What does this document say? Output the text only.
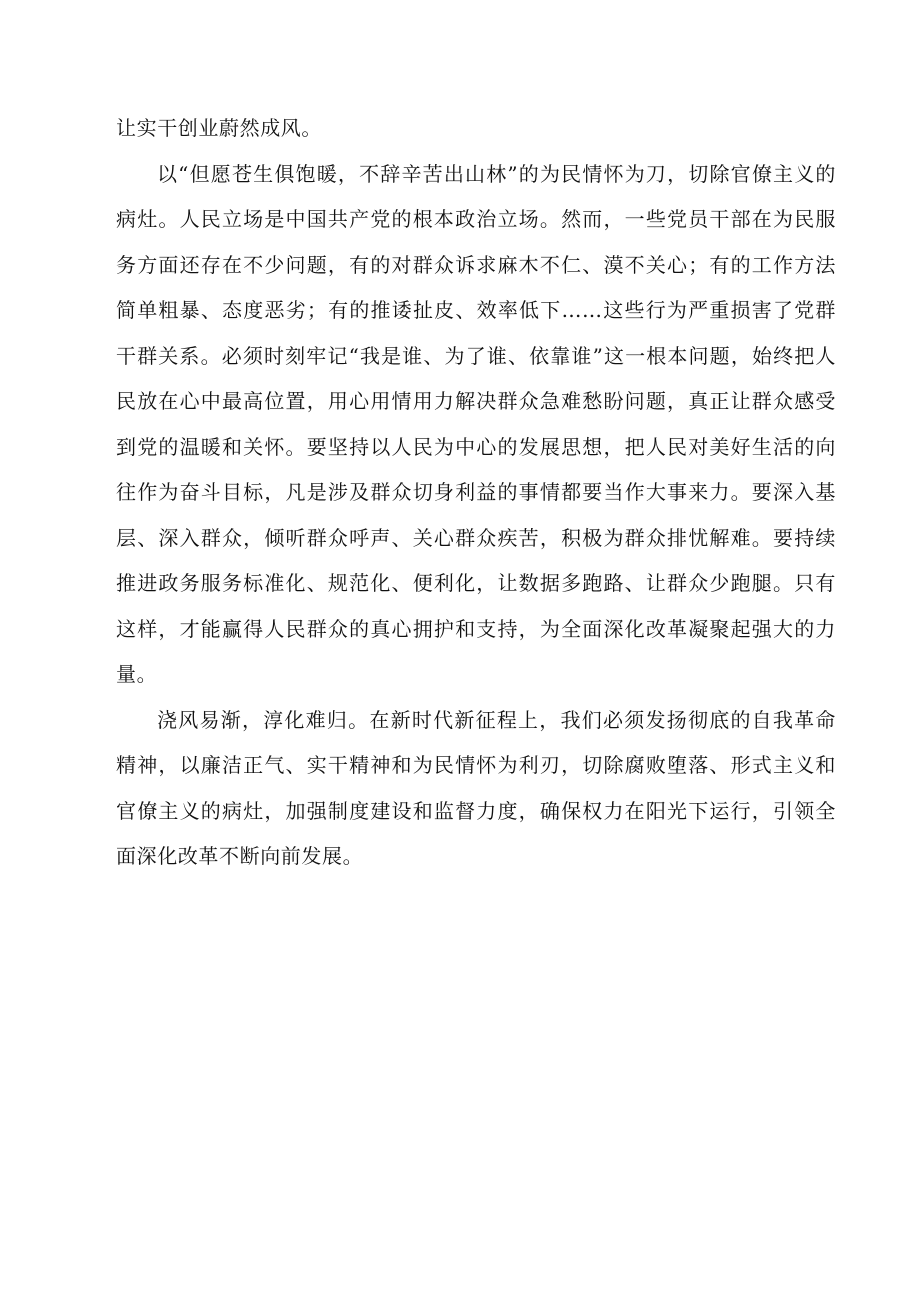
让实干创业蔚然成风。

以“但愿苍生俱饱暖，不辞辛苦出山林”的为民情怀为刀，切除官僚主义的病灶。人民立场是中国共产党的根本政治立场。然而，一些党员干部在为民服务方面还存在不少问题，有的对群众诉求麻木不仁、漠不关心；有的工作方法简单粗暴、态度恶劣；有的推诿扯皮、效率低下……这些行为严重损害了党群干群关系。必须时刻牢记“我是谁、为了谁、依靠谁”这一根本问题，始终把人民放在心中最高位置，用心用情用力解决群众急难愁盼问题，真正让群众感受到党的温暖和关怀。要坚持以人民为中心的发展思想，把人民对美好生活的向往作为奋斗目标，凡是涉及群众切身利益的事情都要当作大事来力。要深入基层、深入群众，倾听群众呼声、关心群众疾苦，积极为群众排忧解难。要持续推进政务服务标准化、规范化、便利化，让数据多跑路、让群众少跑腿。只有这样，才能赢得人民群众的真心拥护和支持，为全面深化改革凝聚起强大的力量。

浇风易渐，淳化难归。在新时代新征程上，我们必须发扬彻底的自我革命精神，以廉洁正气、实干精神和为民情怀为利刃，切除腐败堕落、形式主义和官僚主义的病灶，加强制度建设和监督力度，确保权力在阳光下运行，引领全面深化改革不断向前发展。
